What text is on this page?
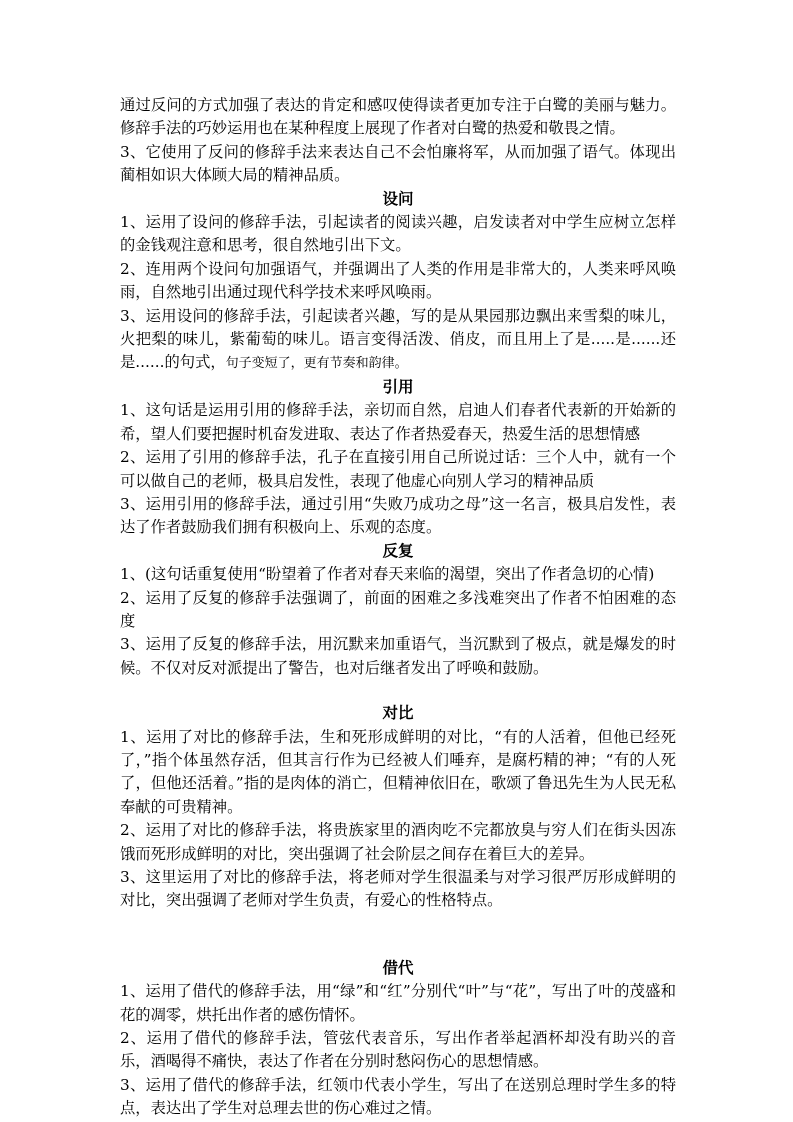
通过反问的方式加强了表达的肯定和感叹使得读者更加专注于白鹭的美丽与魅力。修辞手法的巧妙运用也在某种程度上展现了作者对白鹭的热爱和敬畏之情。

3、它使用了反问的修辞手法来表达自己不会怕廉将军，从而加强了语气。体现出蔺相如识大体顾大局的精神品质。

设问

1、运用了设问的修辞手法，引起读者的阅读兴趣，启发读者对中学生应树立怎样的金钱观注意和思考，很自然地引出下文。

2、连用两个设问句加强语气，并强调出了人类的作用是非常大的，人类来呼风唤雨，自然地引出通过现代科学技术来呼风唤雨。

3、运用设问的修辞手法，引起读者兴趣，写的是从果园那边飘出来雪梨的味儿，火把梨的味儿，紫葡萄的味儿。语言变得活泼、俏皮，而且用上了是.....是......还是......的句式，句子变短了，更有节奏和韵律。

引用

1、这句话是运用引用的修辞手法，亲切而自然，启迪人们春者代表新的开始新的希，望人们要把握时机奋发进取、表达了作者热爱春天，热爱生活的思想情感

2、运用了引用的修辞手法，孔子在直接引用自己所说过话：三个人中，就有一个可以做自己的老师，极具启发性，表现了他虚心向别人学习的精神品质

3、运用引用的修辞手法，通过引用“失败乃成功之母”这一名言，极具启发性，表达了作者鼓励我们拥有积极向上、乐观的态度。

反复

1、(这句话重复使用“盼望着了作者对春天来临的渴望，突出了作者急切的心情)

2、运用了反复的修辞手法强调了，前面的困难之多浅难突出了作者不怕困难的态度

3、运用了反复的修辞手法，用沉默来加重语气，当沉默到了极点，就是爆发的时候。不仅对反对派提出了警告，也对后继者发出了呼唤和鼓励。

对比

1、运用了对比的修辞手法，生和死形成鲜明的对比，“有的人活着，但他已经死了，”指个体虽然存活，但其言行作为已经被人们唾弃，是腐朽精的神；“有的人死了，但他还活着。”指的是肉体的消亡，但精神依旧在，歌颂了鲁迅先生为人民无私奉献的可贵精神。

2、运用了对比的修辞手法，将贵族家里的酒肉吃不完都放臭与穷人们在街头因冻饿而死形成鲜明的对比，突出强调了社会阶层之间存在着巨大的差异。

3、这里运用了对比的修辞手法，将老师对学生很温柔与对学习很严厉形成鲜明的对比，突出强调了老师对学生负责，有爱心的性格特点。

借代

1、运用了借代的修辞手法，用“绿”和“红”分别代“叶”与“花”，写出了叶的茂盛和花的凋零，烘托出作者的感伤情怀。

2、运用了借代的修辞手法，管弦代表音乐，写出作者举起酒杯却没有助兴的音乐，酒喝得不痛快，表达了作者在分别时愁闷伤心的思想情感。

3、运用了借代的修辞手法，红领巾代表小学生，写出了在送别总理时学生多的特点，表达出了学生对总理去世的伤心难过之情。
